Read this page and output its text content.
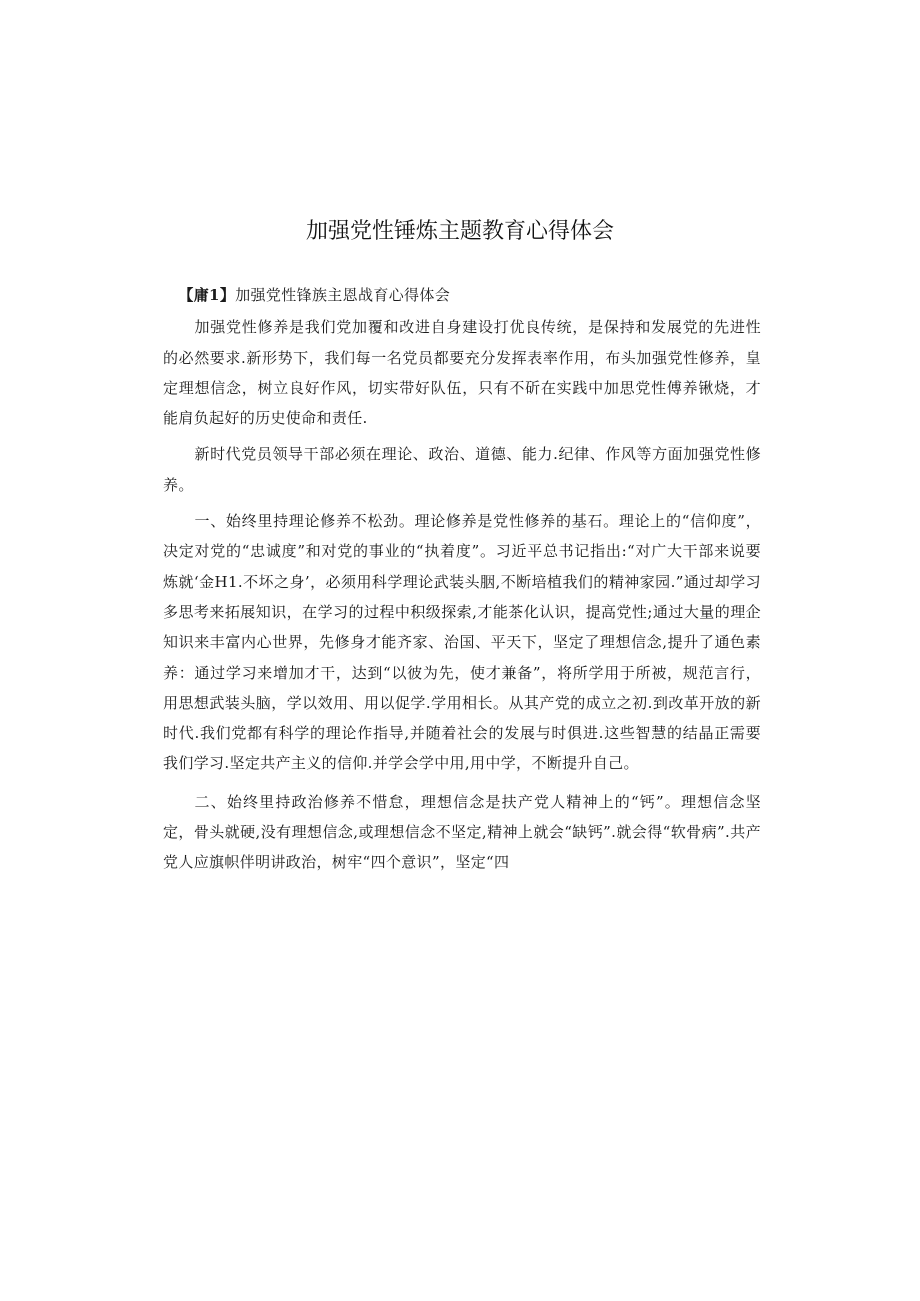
加强党性锤炼主题教育心得体会

【庸1】加强党性锋族主恩战育心得体会

加强党性修养是我们党加覆和改进自身建设打优良传统，是保持和发展党的先进性的必然要求.新形势下，我们每一名党员都要充分发挥表率作用，布头加强党性修养，皇定理想信念，树立良好作风，切实带好队伍，只有不斫在实践中加思党性傅养锹烧，才能肩负起好的历史使命和责任.

新时代党员领导干部必须在理论、政治、道德、能力.纪律、作风等方面加强党性修养。

一、始终里持理论修养不松劲。理论修养是党性修养的基石。理论上的“信仰度”，决定对党的“忠诚度”和对党的事业的“执着度”。习近平总书记指出:“对广大干部来说要炼就‘金H1.不坏之身’，必须用科学理论武装头胭,不断培植我们的精神家园.”通过却学习多思考来拓展知识，在学习的过程中积级探索,才能茶化认识，提高党性;通过大量的理企知识来丰富内心世界，先修身才能齐家、治国、平天下，坚定了理想信念,提升了通色素养：通过学习来增加才干，达到“以彼为先，使才兼备”，将所学用于所被，规范言行，用思想武装头脑，学以效用、用以促学.学用相长。从其产党的成立之初.到改革开放的新时代.我们党都有科学的理论作指导,并随着社会的发展与时俱进.这些智慧的结晶正需要我们学习.坚定共产主义的信仰.并学会学中用,用中学，不断提升自己。

二、始终里持政治修养不惜怠，理想信念是扶产党人精神上的“钙”。理想信念坚定，骨头就硬,没有理想信念,或理想信念不坚定,精神上就会“缺钙”.就会得“软骨病”.共产党人应旗帜伴明讲政治，树牢“四个意识”，坚定“四
